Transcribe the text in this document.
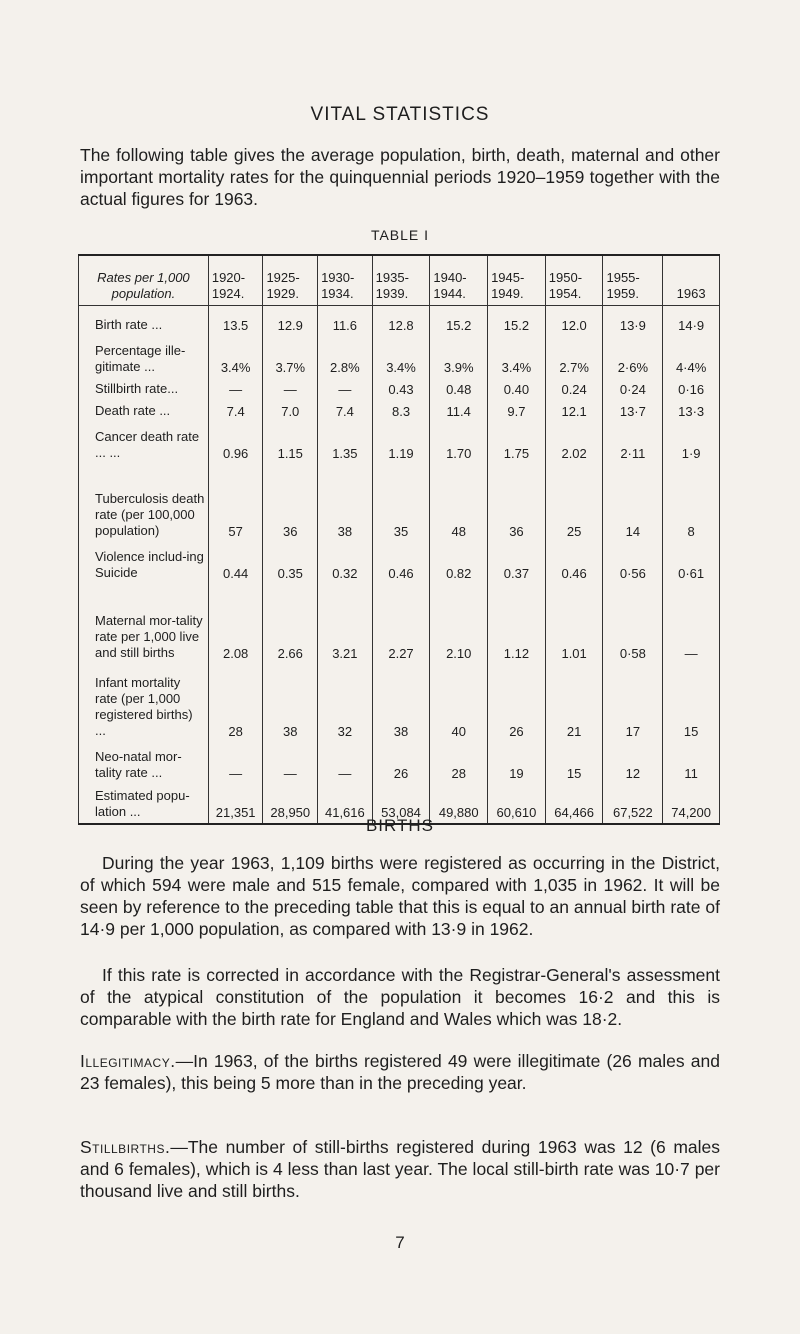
VITAL STATISTICS

The following table gives the average population, birth, death, maternal and other important mortality rates for the quinquennial periods 1920–1959 together with the actual figures for 1963.

TABLE I
Rates per 1,000 population.	1920-1924.	1925-1929.	1930-1934.	1935-1939.	1940-1944.	1945-1949.	1950-1954.	1955-1959.	1963
Birth rate ...	13.5	12.9	11.6	12.8	15.2	15.2	12.0	13·9	14·9
Percentage ille-gitimate ...	3.4%	3.7%	2.8%	3.4%	3.9%	3.4%	2.7%	2·6%	4·4%
Stillbirth rate...	—	—	—	0.43	0.48	0.40	0.24	0·24	0·16
Death rate ...	7.4	7.0	7.4	8.3	11.4	9.7	12.1	13·7	13·3
Cancer death rate ... ...	0.96	1.15	1.35	1.19	1.70	1.75	2.02	2·11	1·9
Tuberculosis death rate (per 100,000 population)	57	36	38	35	48	36	25	14	8
Violence includ-ing Suicide	0.44	0.35	0.32	0.46	0.82	0.37	0.46	0·56	0·61
Maternal mor-tality rate per 1,000 live and still births	2.08	2.66	3.21	2.27	2.10	1.12	1.01	0·58	—
Infant mortality rate (per 1,000 registered births) ...	28	38	32	38	40	26	21	17	15
Neo-natal mor-tality rate ...	—	—	—	26	28	19	15	12	11
Estimated popu-lation ...	21,351	28,950	41,616	53,084	49,880	60,610	64,466	67,522	74,200
BIRTHS

During the year 1963, 1,109 births were registered as occurring in the District, of which 594 were male and 515 female, compared with 1,035 in 1962. It will be seen by reference to the preceding table that this is equal to an annual birth rate of 14·9 per 1,000 population, as compared with 13·9 in 1962.

If this rate is corrected in accordance with the Registrar-General's assessment of the atypical constitution of the population it becomes 16·2 and this is comparable with the birth rate for England and Wales which was 18·2.

Illegitimacy.—In 1963, of the births registered 49 were illegitimate (26 males and 23 females), this being 5 more than in the preceding year.

Stillbirths.—The number of still-births registered during 1963 was 12 (6 males and 6 females), which is 4 less than last year. The local still-birth rate was 10·7 per thousand live and still births.

7
